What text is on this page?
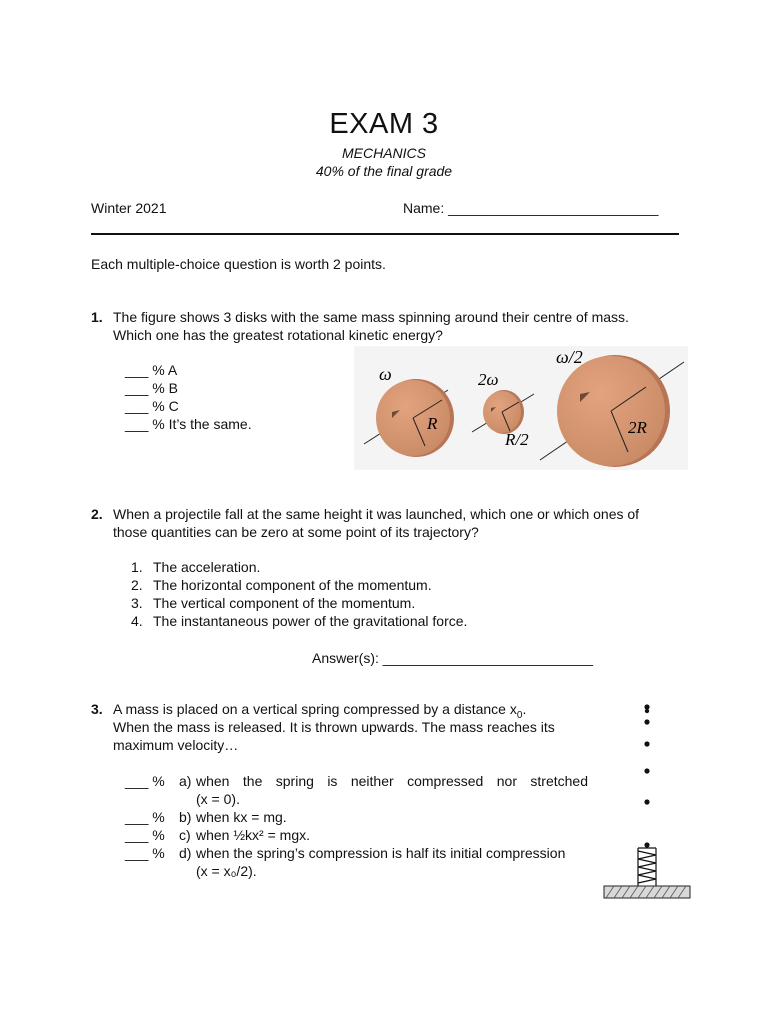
EXAM 3
MECHANICS
40% of the final grade
Winter 2021	Name: ___________________________
Each multiple-choice question is worth 2 points.
1. The figure shows 3 disks with the same mass spinning around their centre of mass.
Which one has the greatest rotational kinetic energy?
___ % A
___ % B
___ % C
___ % It’s the same.
ω
R
2ω
R/2
ω/2
2R
2. When a projectile fall at the same height it was launched, which one or which ones of
those quantities can be zero at some point of its trajectory?
1. The acceleration.
2. The horizontal component of the momentum.
3. The vertical component of the momentum.
4. The instantaneous power of the gravitational force.
Answer(s): ___________________________
3. A mass is placed on a vertical spring compressed by a distance $x_0$.
When the mass is released. It is thrown upwards. The mass reaches its
maximum velocity…
___ % a) when the spring is neither compressed nor stretched
(x = 0).
___ % b) when kx = mg.
___ % c) when ½kx² = mgx.
___ % d) when the spring’s compression is half its initial compression
(x = x₀/2).
